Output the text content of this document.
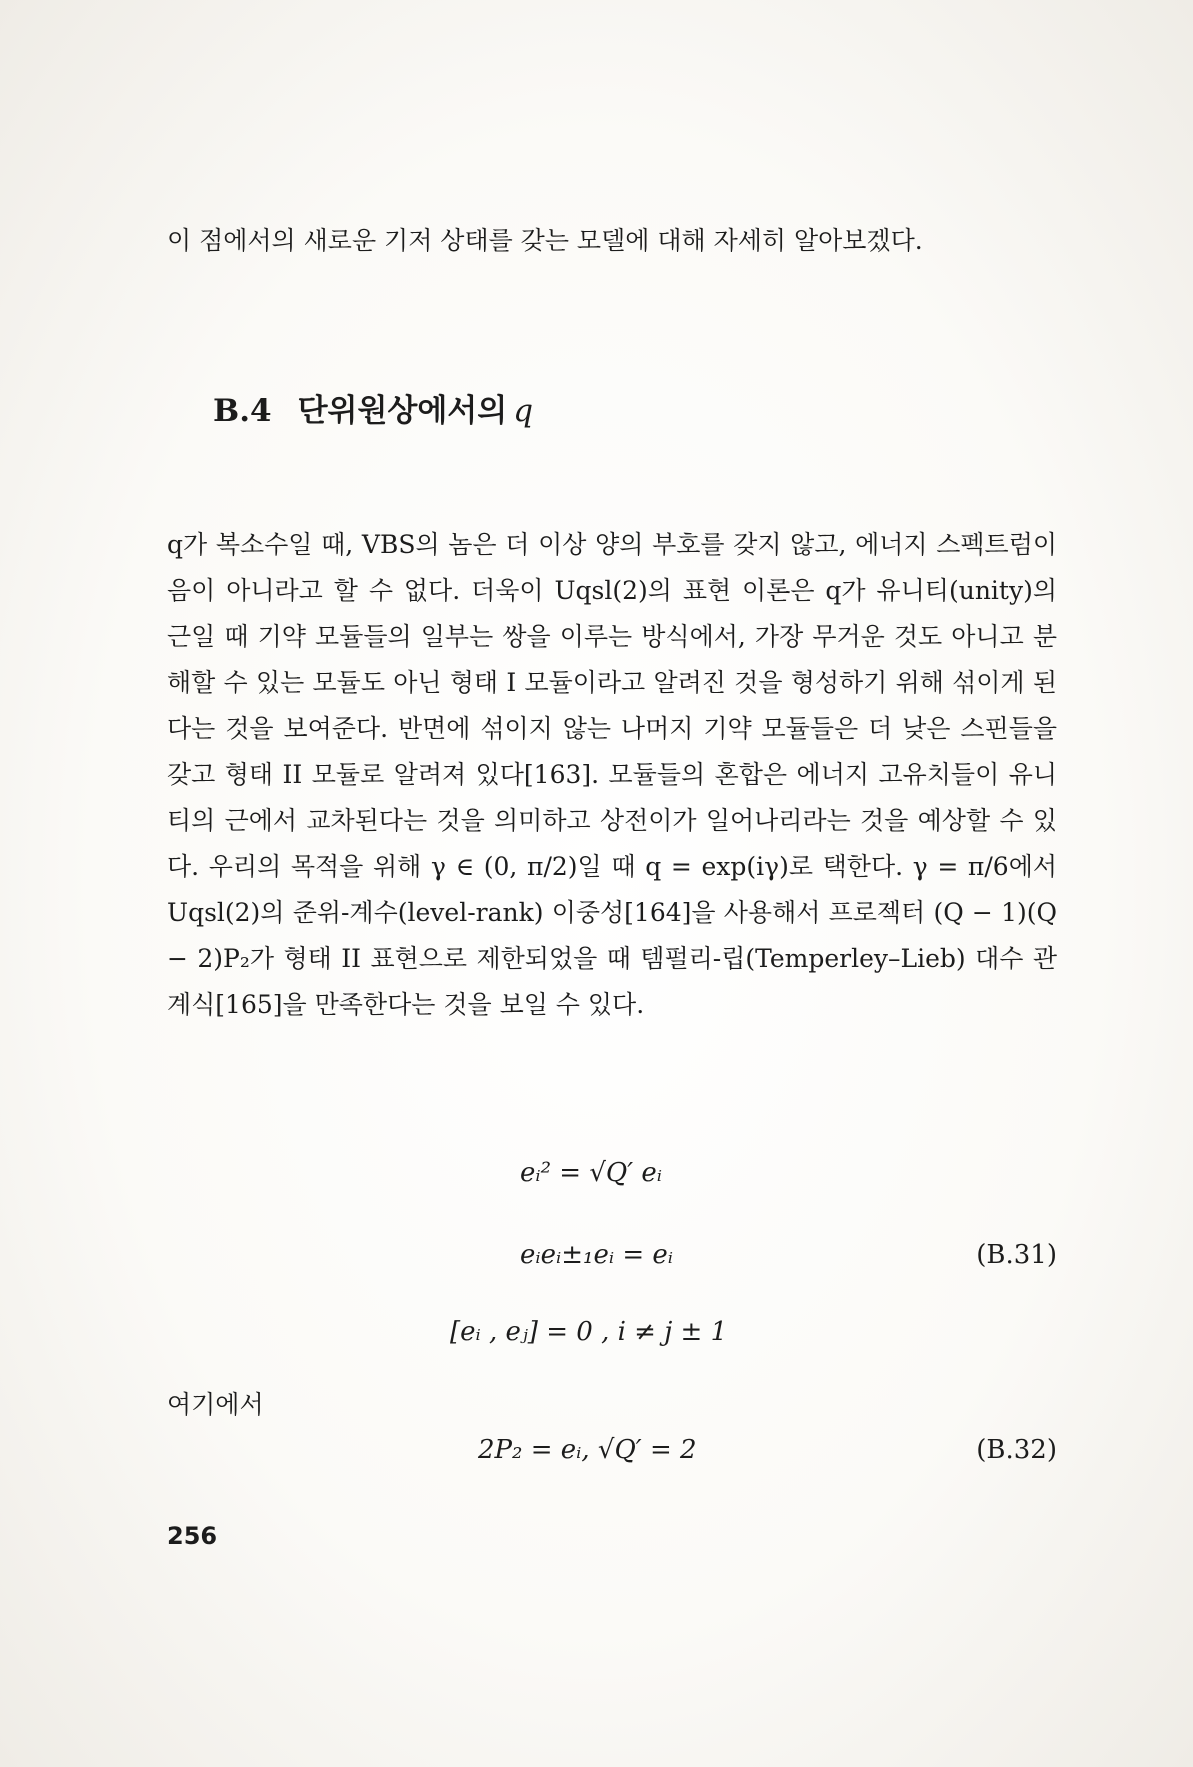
이 점에서의 새로운 기저 상태를 갖는 모델에 대해 자세히 알아보겠다.

B.4 단위원상에서의 q

q가 복소수일 때, VBS의 놈은 더 이상 양의 부호를 갖지 않고, 에너지 스펙트럼이 음이 아니라고 할 수 없다. 더욱이 Uqsl(2)의 표현 이론은 q가 유니티(unity)의 근일 때 기약 모듈들의 일부는 쌍을 이루는 방식에서, 가장 무거운 것도 아니고 분해할 수 있는 모듈도 아닌 형태 I 모듈이라고 알려진 것을 형성하기 위해 섞이게 된다는 것을 보여준다. 반면에 섞이지 않는 나머지 기약 모듈들은 더 낮은 스핀들을 갖고 형태 II 모듈로 알려져 있다[163]. 모듈들의 혼합은 에너지 고유치들이 유니티의 근에서 교차된다는 것을 의미하고 상전이가 일어나리라는 것을 예상할 수 있다. 우리의 목적을 위해 γ ∈ (0, π/2)일 때 q = exp(iγ)로 택한다. γ = π/6에서 Uqsl(2)의 준위-계수(level-rank) 이중성[164]을 사용해서 프로젝터 (Q − 1)(Q − 2)P₂가 형태 II 표현으로 제한되었을 때 템펄리-립(Temperley–Lieb) 대수 관계식[165]을 만족한다는 것을 보일 수 있다.

eᵢ² = √Q′ eᵢ
eᵢeᵢ±₁eᵢ = eᵢ	(B.31)
[eᵢ , eⱼ] = 0 , i ≠ j ± 1
여기에서
2P₂ = eᵢ, √Q′ = 2	(B.32)
256
